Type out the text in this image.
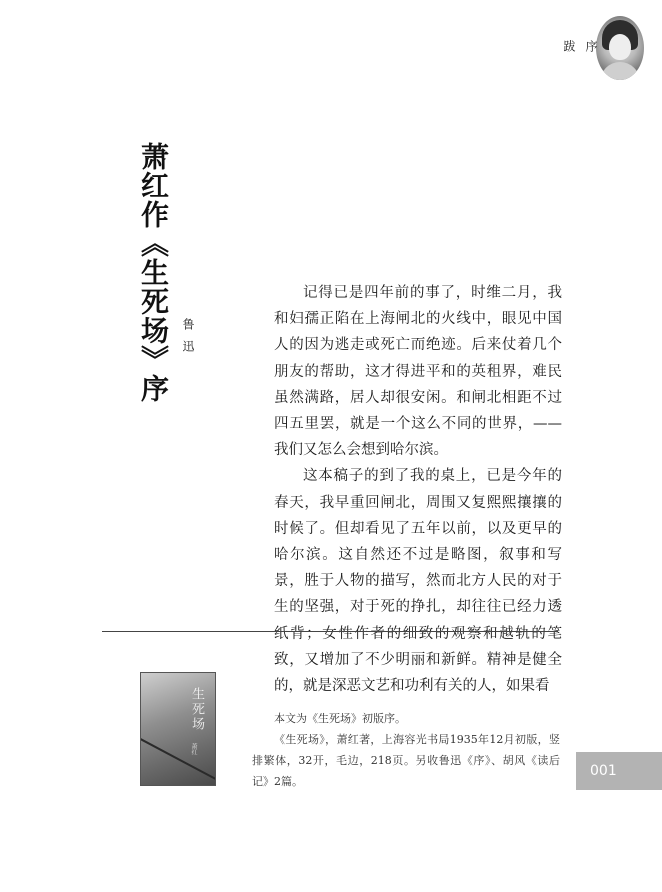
序
跋
萧红作《生死场》序 鲁迅

记得已是四年前的事了，时维二月，我和妇孺正陷在上海闸北的火线中，眼见中国人的因为逃走或死亡而绝迹。后来仗着几个朋友的帮助，这才得进平和的英租界，难民虽然满路，居人却很安闲。和闸北相距不过四五里罢，就是一个这么不同的世界，——我们又怎么会想到哈尔滨。

这本稿子的到了我的桌上，已是今年的春天，我早重回闸北，周围又复熙熙攘攘的时候了。但却看见了五年以前，以及更早的哈尔滨。这自然还不过是略图，叙事和写景，胜于人物的描写，然而北方人民的对于生的坚强，对于死的挣扎，却往往已经力透纸背；女性作者的细致的观察和越轨的笔致，又增加了不少明丽和新鲜。精神是健全的，就是深恶文艺和功利有关的人，如果看

生死场
萧红

本文为《生死场》初版序。

《生死场》，萧红著，上海容光书局1935年12月初版，竖排繁体，32开，毛边，218页。另收鲁迅《序》、胡风《读后记》2篇。

001
